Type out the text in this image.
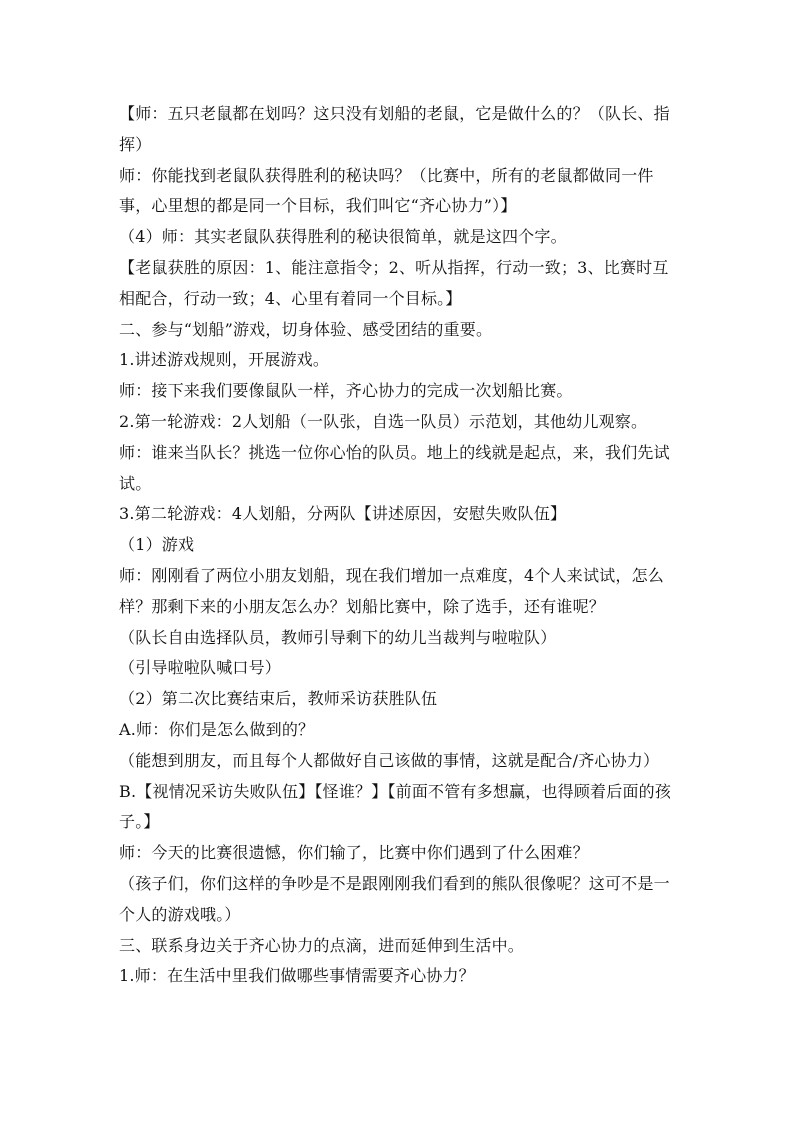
【师：五只老鼠都在划吗？这只没有划船的老鼠，它是做什么的？（队长、指挥）

师：你能找到老鼠队获得胜利的秘诀吗？（比赛中，所有的老鼠都做同一件事，心里想的都是同一个目标，我们叫它“齐心协力”）】

（4）师：其实老鼠队获得胜利的秘诀很简单，就是这四个字。

【老鼠获胜的原因：1、能注意指令；2、听从指挥，行动一致；3、比赛时互相配合，行动一致；4、心里有着同一个目标。】

二、参与“划船”游戏，切身体验、感受团结的重要。

1.讲述游戏规则，开展游戏。

师：接下来我们要像鼠队一样，齐心协力的完成一次划船比赛。

2.第一轮游戏：2人划船（一队张，自选一队员）示范划，其他幼儿观察。

师：谁来当队长？挑选一位你心怡的队员。地上的线就是起点，来，我们先试试。

3.第二轮游戏：4人划船，分两队【讲述原因，安慰失败队伍】

（1）游戏

师：刚刚看了两位小朋友划船，现在我们增加一点难度，4个人来试试，怎么样？那剩下来的小朋友怎么办？划船比赛中，除了选手，还有谁呢？

（队长自由选择队员，教师引导剩下的幼儿当裁判与啦啦队）

（引导啦啦队喊口号）

（2）第二次比赛结束后，教师采访获胜队伍

A.师：你们是怎么做到的？

（能想到朋友，而且每个人都做好自己该做的事情，这就是配合/齐心协力）

B.【视情况采访失败队伍】【怪谁？】【前面不管有多想赢，也得顾着后面的孩子。】

师：今天的比赛很遗憾，你们输了，比赛中你们遇到了什么困难？

（孩子们，你们这样的争吵是不是跟刚刚我们看到的熊队很像呢？这可不是一个人的游戏哦。）

三、联系身边关于齐心协力的点滴，进而延伸到生活中。

1.师：在生活中里我们做哪些事情需要齐心协力？
